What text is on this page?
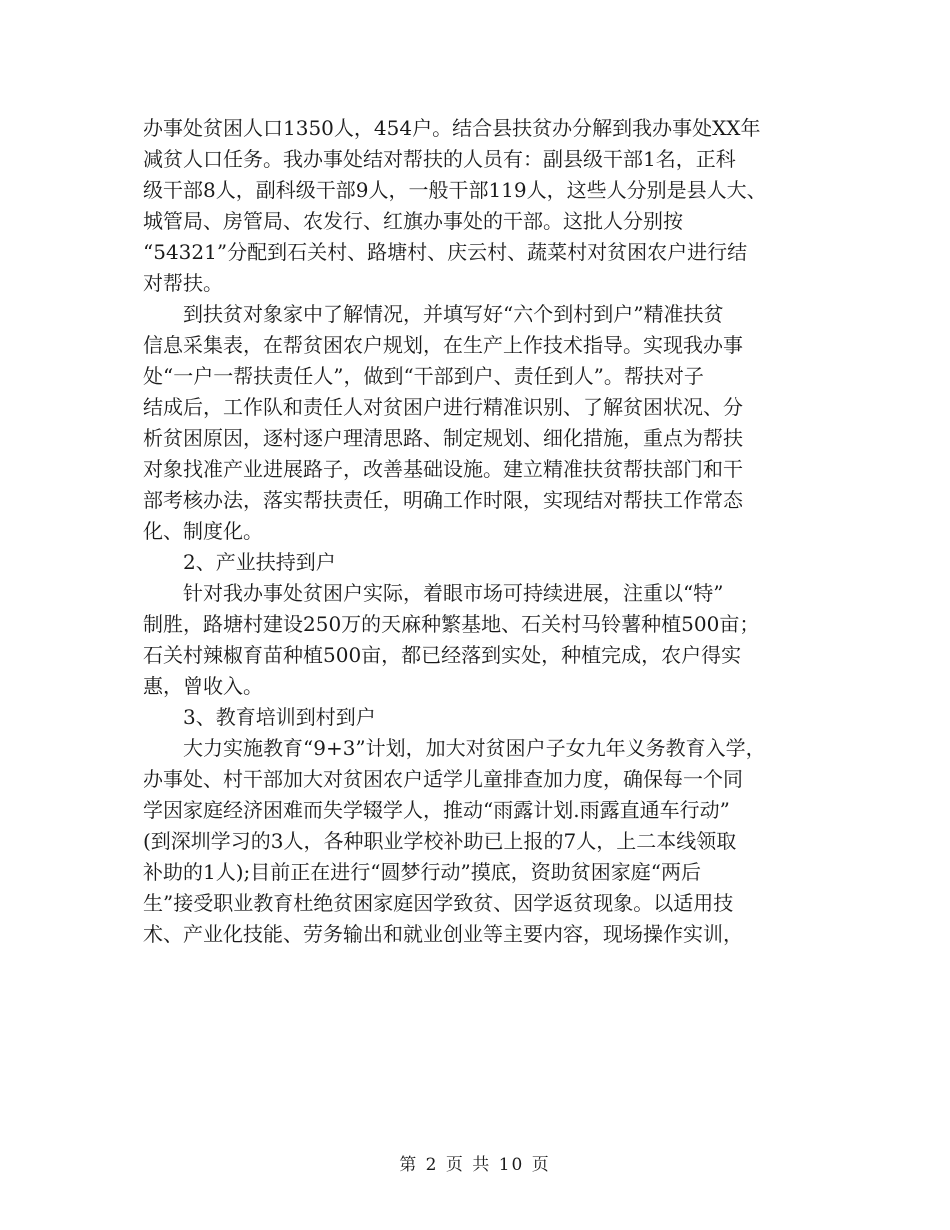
办事处贫困人口1350人，454户。结合县扶贫办分解到我办事处XX年
减贫人口任务。我办事处结对帮扶的人员有：副县级干部1名，正科
级干部8人，副科级干部9人，一般干部119人，这些人分别是县人大、
城管局、房管局、农发行、红旗办事处的干部。这批人分别按
“54321”分配到石关村、路塘村、庆云村、蔬菜村对贫困农户进行结
对帮扶。
到扶贫对象家中了解情况，并填写好“六个到村到户”精准扶贫
信息采集表，在帮贫困农户规划，在生产上作技术指导。实现我办事
处“一户一帮扶责任人”，做到“干部到户、责任到人”。帮扶对子
结成后，工作队和责任人对贫困户进行精准识别、了解贫困状况、分
析贫困原因，逐村逐户理清思路、制定规划、细化措施，重点为帮扶
对象找准产业进展路子，改善基础设施。建立精准扶贫帮扶部门和干
部考核办法，落实帮扶责任，明确工作时限，实现结对帮扶工作常态
化、制度化。
2、产业扶持到户
针对我办事处贫困户实际，着眼市场可持续进展，注重以“特”
制胜，路塘村建设250万的天麻种繁基地、石关村马铃薯种植500亩；
石关村辣椒育苗种植500亩，都已经落到实处，种植完成，农户得实
惠，曾收入。
3、教育培训到村到户
大力实施教育“9+3”计划，加大对贫困户子女九年义务教育入学，
办事处、村干部加大对贫困农户适学儿童排查加力度，确保每一个同
学因家庭经济困难而失学辍学人，推动“雨露计划.雨露直通车行动”
(到深圳学习的3人，各种职业学校补助已上报的7人，上二本线领取
补助的1人);目前正在进行“圆梦行动”摸底，资助贫困家庭“两后
生”接受职业教育杜绝贫困家庭因学致贫、因学返贫现象。以适用技
术、产业化技能、劳务输出和就业创业等主要内容，现场操作实训，
第 2 页 共 10 页
